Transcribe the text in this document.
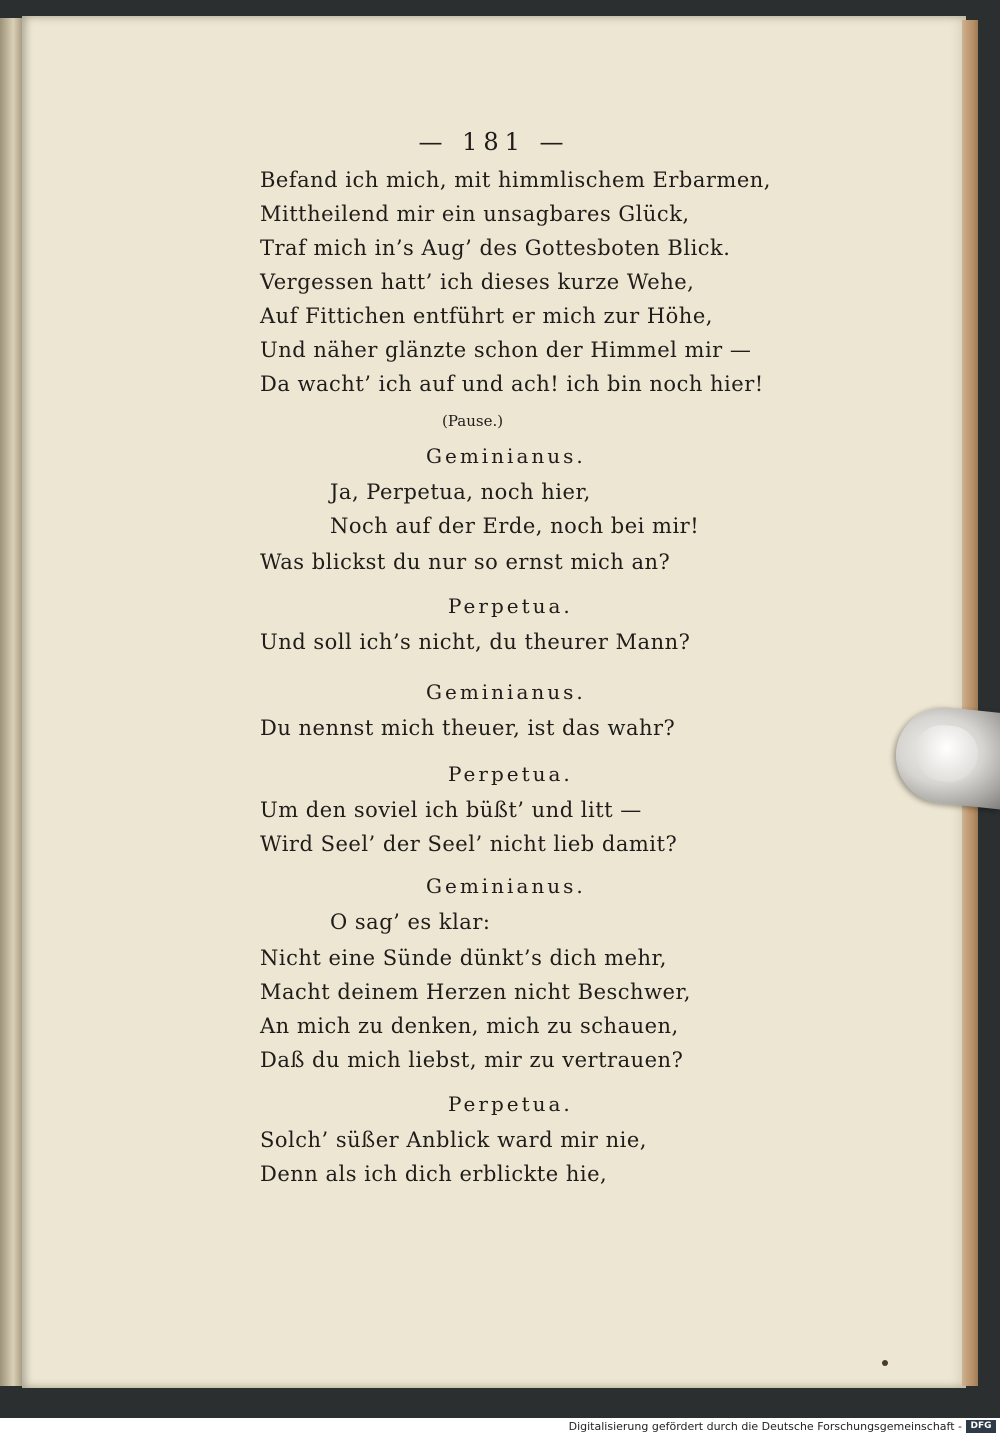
— 181 —
Befand ich mich, mit himmlischem Erbarmen,
Mittheilend mir ein unsagbares Glück,
Traf mich in’s Aug’ des Gottesboten Blick.
Vergessen hatt’ ich dieses kurze Wehe,
Auf Fittichen entführt er mich zur Höhe,
Und näher glänzte schon der Himmel mir —
Da wacht’ ich auf und ach! ich bin noch hier!
(Pause.)
Geminianus.
Ja, Perpetua, noch hier,
Noch auf der Erde, noch bei mir!
Was blickst du nur so ernst mich an?
Perpetua.
Und soll ich’s nicht, du theurer Mann?
Geminianus.
Du nennst mich theuer, ist das wahr?
Perpetua.
Um den soviel ich büßt’ und litt —
Wird Seel’ der Seel’ nicht lieb damit?
Geminianus.
O sag’ es klar:
Nicht eine Sünde dünkt’s dich mehr,
Macht deinem Herzen nicht Beschwer,
An mich zu denken, mich zu schauen,
Daß du mich liebst, mir zu vertrauen?
Perpetua.
Solch’ süßer Anblick ward mir nie,
Denn als ich dich erblickte hie,
Digitalisierung gefördert durch die Deutsche Forschungsgemeinschaft - DFG
